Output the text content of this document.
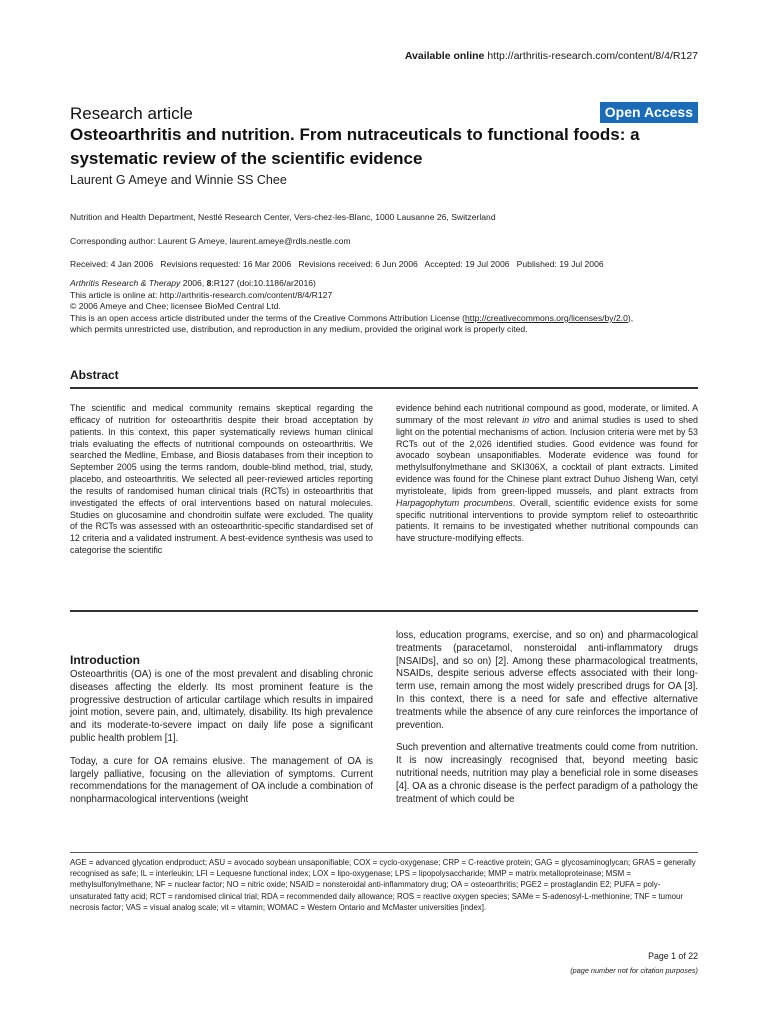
Available online http://arthritis-research.com/content/8/4/R127
Research article	Open Access
Osteoarthritis and nutrition. From nutraceuticals to functional foods: a systematic review of the scientific evidence
Laurent G Ameye and Winnie SS Chee
Nutrition and Health Department, Nestlé Research Center, Vers-chez-les-Blanc, 1000 Lausanne 26, Switzerland
Corresponding author: Laurent G Ameye, laurent.ameye@rdls.nestle.com
Received: 4 Jan 2006   Revisions requested: 16 Mar 2006   Revisions received: 6 Jun 2006   Accepted: 19 Jul 2006   Published: 19 Jul 2006
Arthritis Research & Therapy 2006, 8:R127 (doi:10.1186/ar2016)
This article is online at: http://arthritis-research.com/content/8/4/R127
© 2006 Ameye and Chee; licensee BioMed Central Ltd.
This is an open access article distributed under the terms of the Creative Commons Attribution License (http://creativecommons.org/licenses/by/2.0),
which permits unrestricted use, distribution, and reproduction in any medium, provided the original work is properly cited.
Abstract

The scientific and medical community remains skeptical regarding the efficacy of nutrition for osteoarthritis despite their broad acceptation by patients. In this context, this paper systematically reviews human clinical trials evaluating the effects of nutritional compounds on osteoarthritis. We searched the Medline, Embase, and Biosis databases from their inception to September 2005 using the terms random, double-blind method, trial, study, placebo, and osteoarthritis. We selected all peer-reviewed articles reporting the results of randomised human clinical trials (RCTs) in osteoarthritis that investigated the effects of oral interventions based on natural molecules. Studies on glucosamine and chondroitin sulfate were excluded. The quality of the RCTs was assessed with an osteoarthritic-specific standardised set of 12 criteria and a validated instrument. A best-evidence synthesis was used to categorise the scientific

evidence behind each nutritional compound as good, moderate, or limited. A summary of the most relevant in vitro and animal studies is used to shed light on the potential mechanisms of action. Inclusion criteria were met by 53 RCTs out of the 2,026 identified studies. Good evidence was found for avocado soybean unsaponifiables. Moderate evidence was found for methylsulfonylmethane and SKI306X, a cocktail of plant extracts. Limited evidence was found for the Chinese plant extract Duhuo Jisheng Wan, cetyl myristoleate, lipids from green-lipped mussels, and plant extracts from Harpagophytum procumbens. Overall, scientific evidence exists for some specific nutritional interventions to provide symptom relief to osteoarthritic patients. It remains to be investigated whether nutritional compounds can have structure-modifying effects.

Introduction

Osteoarthritis (OA) is one of the most prevalent and disabling chronic diseases affecting the elderly. Its most prominent feature is the progressive destruction of articular cartilage which results in impaired joint motion, severe pain, and, ultimately, disability. Its high prevalence and its moderate-to-severe impact on daily life pose a significant public health problem [1].

Today, a cure for OA remains elusive. The management of OA is largely palliative, focusing on the alleviation of symptoms. Current recommendations for the management of OA include a combination of nonpharmacological interventions (weight

loss, education programs, exercise, and so on) and pharmacological treatments (paracetamol, nonsteroidal anti-inflammatory drugs [NSAIDs], and so on) [2]. Among these pharmacological treatments, NSAIDs, despite serious adverse effects associated with their long-term use, remain among the most widely prescribed drugs for OA [3]. In this context, there is a need for safe and effective alternative treatments while the absence of any cure reinforces the importance of prevention.

Such prevention and alternative treatments could come from nutrition. It is now increasingly recognised that, beyond meeting basic nutritional needs, nutrition may play a beneficial role in some diseases [4]. OA as a chronic disease is the perfect paradigm of a pathology the treatment of which could be

AGE = advanced glycation endproduct; ASU = avocado soybean unsaponifiable; COX = cyclo-oxygenase; CRP = C-reactive protein; GAG = glycosaminoglycan; GRAS = generally recognised as safe; IL = interleukin; LFI = Lequesne functional index; LOX = lipo-oxygenase; LPS = lipopolysaccharide; MMP = matrix metalloproteinase; MSM = methylsulfonylmethane; NF = nuclear factor; NO = nitric oxide; NSAID = nonsteroidal anti-inflammatory drug; OA = osteoarthritis; PGE2 = prostaglandin E2; PUFA = poly-unsaturated fatty acid; RCT = randomised clinical trial; RDA = recommended daily allowance; ROS = reactive oxygen species; SAMe = S-adenosyl-L-methionine; TNF = tumour necrosis factor; VAS = visual analog scale; vit = vitamin; WOMAC = Western Ontario and McMaster universities [index].

Page 1 of 22
(page number not for citation purposes)
